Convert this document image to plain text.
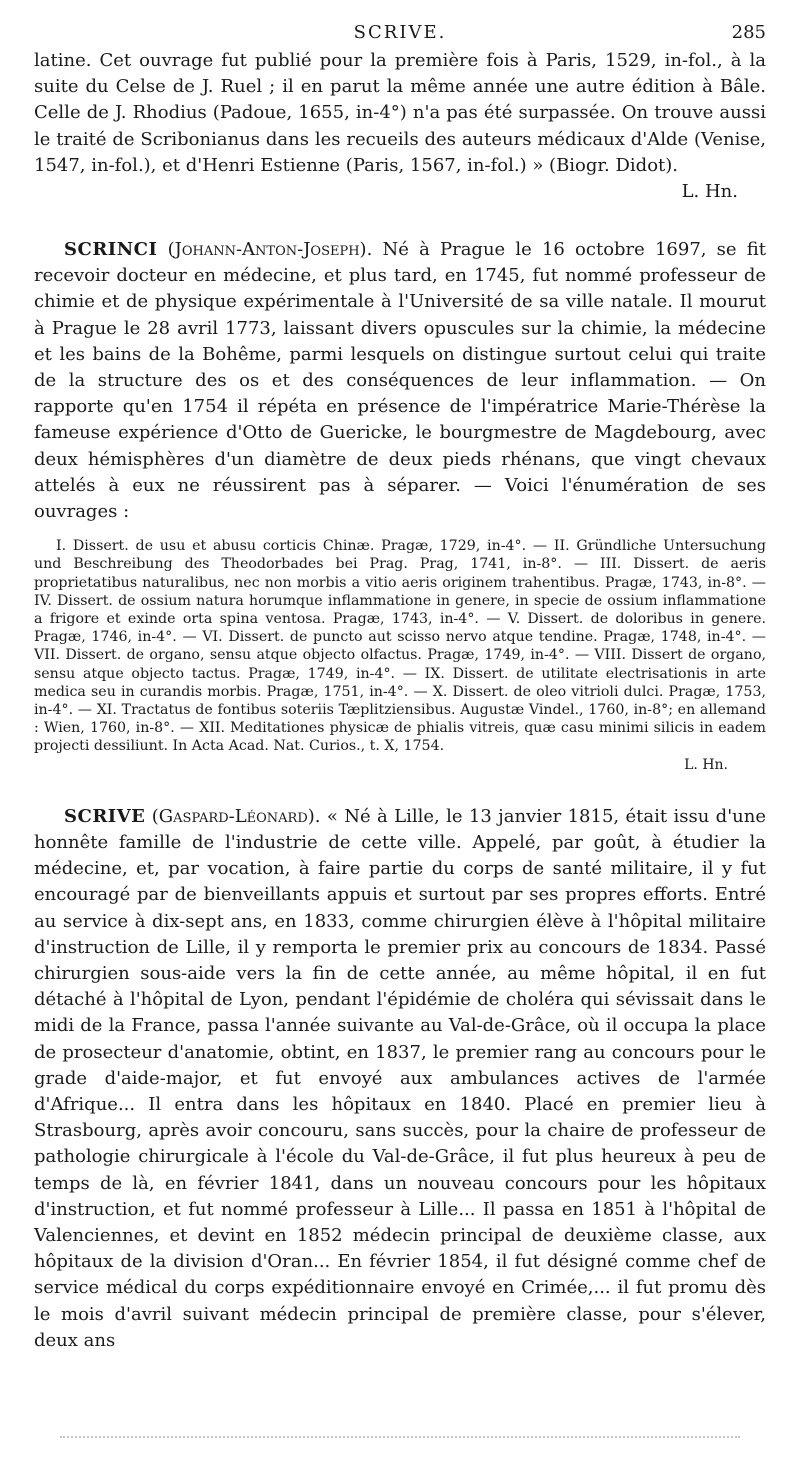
SCRIVE.	285

latine. Cet ouvrage fut publié pour la première fois à Paris, 1529, in-fol., à la suite du Celse de J. Ruel ; il en parut la même année une autre édition à Bâle. Celle de J. Rhodius (Padoue, 1655, in-4°) n'a pas été surpassée. On trouve aussi le traité de Scribonianus dans les recueils des auteurs médicaux d'Alde (Venise, 1547, in-fol.), et d'Henri Estienne (Paris, 1567, in-fol.) » (Biogr. Didot).

L. Hn.

SCRINCI (Johann-Anton-Joseph). Né à Prague le 16 octobre 1697, se fit recevoir docteur en médecine, et plus tard, en 1745, fut nommé professeur de chimie et de physique expérimentale à l'Université de sa ville natale. Il mourut à Prague le 28 avril 1773, laissant divers opuscules sur la chimie, la médecine et les bains de la Bohême, parmi lesquels on distingue surtout celui qui traite de la structure des os et des conséquences de leur inflammation. — On rapporte qu'en 1754 il répéta en présence de l'impératrice Marie-Thérèse la fameuse expérience d'Otto de Guericke, le bourgmestre de Magdebourg, avec deux hémisphères d'un diamètre de deux pieds rhénans, que vingt chevaux attelés à eux ne réussirent pas à séparer. — Voici l'énumération de ses ouvrages :

I. Dissert. de usu et abusu corticis Chinæ. Pragæ, 1729, in-4°. — II. Gründliche Untersuchung und Beschreibung des Theodorbades bei Prag. Prag, 1741, in-8°. — III. Dissert. de aeris proprietatibus naturalibus, nec non morbis a vitio aeris originem trahentibus. Pragæ, 1743, in-8°. — IV. Dissert. de ossium natura horumque inflammatione in genere, in specie de ossium inflammatione a frigore et exinde orta spina ventosa. Pragæ, 1743, in-4°. — V. Dissert. de doloribus in genere. Pragæ, 1746, in-4°. — VI. Dissert. de puncto aut scisso nervo atque tendine. Pragæ, 1748, in-4°. — VII. Dissert. de organo, sensu atque objecto olfactus. Pragæ, 1749, in-4°. — VIII. Dissert de organo, sensu atque objecto tactus. Pragæ, 1749, in-4°. — IX. Dissert. de utilitate electrisationis in arte medica seu in curandis morbis. Pragæ, 1751, in-4°. — X. Dissert. de oleo vitrioli dulci. Pragæ, 1753, in-4°. — XI. Tractatus de fontibus soteriis Tæplitziensibus. Augustæ Vindel., 1760, in-8°; en allemand : Wien, 1760, in-8°. — XII. Meditationes physicæ de phialis vitreis, quæ casu minimi silicis in eadem projecti dessiliunt. In Acta Acad. Nat. Curios., t. X, 1754.

L. Hn.

SCRIVE (Gaspard-Léonard). « Né à Lille, le 13 janvier 1815, était issu d'une honnête famille de l'industrie de cette ville. Appelé, par goût, à étudier la médecine, et, par vocation, à faire partie du corps de santé militaire, il y fut encouragé par de bienveillants appuis et surtout par ses propres efforts. Entré au service à dix-sept ans, en 1833, comme chirurgien élève à l'hôpital militaire d'instruction de Lille, il y remporta le premier prix au concours de 1834. Passé chirurgien sous-aide vers la fin de cette année, au même hôpital, il en fut détaché à l'hôpital de Lyon, pendant l'épidémie de choléra qui sévissait dans le midi de la France, passa l'année suivante au Val-de-Grâce, où il occupa la place de prosecteur d'anatomie, obtint, en 1837, le premier rang au concours pour le grade d'aide-major, et fut envoyé aux ambulances actives de l'armée d'Afrique... Il entra dans les hôpitaux en 1840. Placé en premier lieu à Strasbourg, après avoir concouru, sans succès, pour la chaire de professeur de pathologie chirurgicale à l'école du Val-de-Grâce, il fut plus heureux à peu de temps de là, en février 1841, dans un nouveau concours pour les hôpitaux d'instruction, et fut nommé professeur à Lille... Il passa en 1851 à l'hôpital de Valenciennes, et devint en 1852 médecin principal de deuxième classe, aux hôpitaux de la division d'Oran... En février 1854, il fut désigné comme chef de service médical du corps expéditionnaire envoyé en Crimée,... il fut promu dès le mois d'avril suivant médecin principal de première classe, pour s'élever, deux ans
